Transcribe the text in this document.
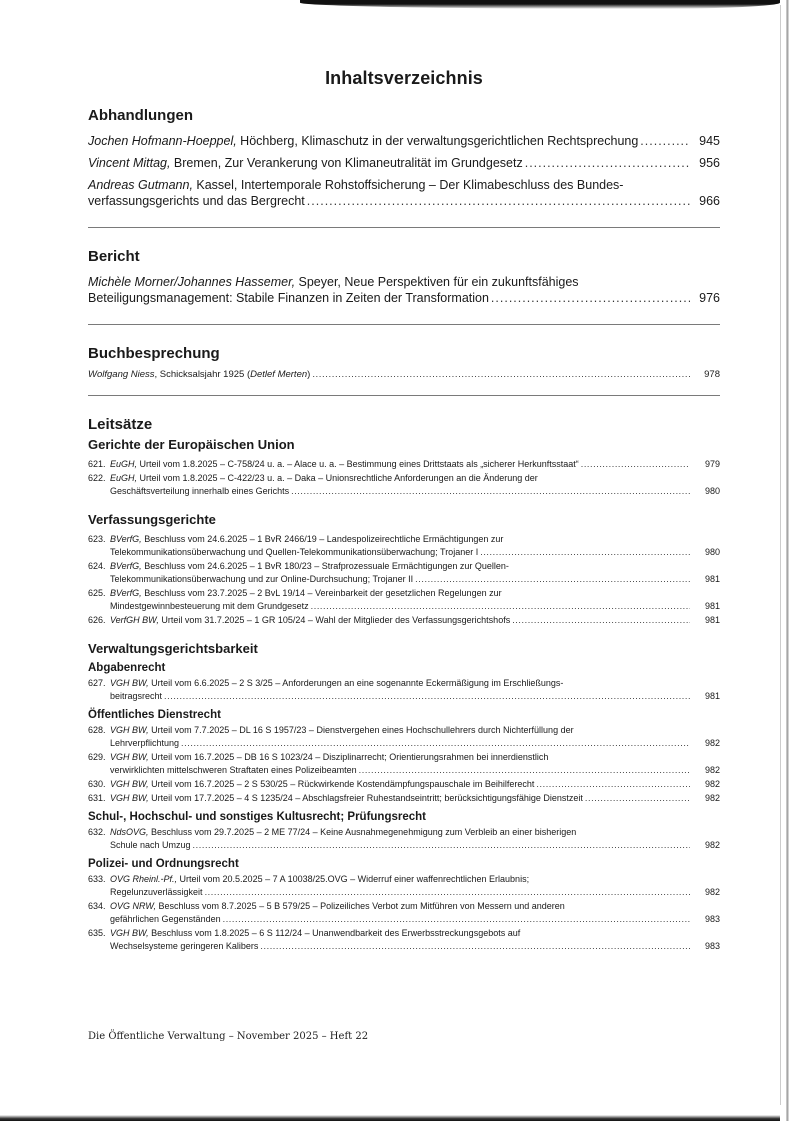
Inhaltsverzeichnis
Abhandlungen
Jochen Hofmann-Hoeppel, Höchberg, Klimaschutz in der verwaltungsgerichtlichen Rechtsprechung .....	945
Vincent Mittag, Bremen, Zur Verankerung von Klimaneutralität im Grundgesetz .....	956
Andreas Gutmann, Kassel, Intertemporale Rohstoffsicherung – Der Klimabeschluss des Bundes-
verfassungsgerichts und das Bergrecht .....	966
Bericht
Michèle Morner/Johannes Hassemer, Speyer, Neue Perspektiven für ein zukunftsfähiges
Beteiligungsmanagement: Stabile Finanzen in Zeiten der Transformation .....	976
Buchbesprechung
Wolfgang Niess, Schicksalsjahr 1925 (Detlef Merten) .....	978
Leitsätze
Gerichte der Europäischen Union
621. EuGH, Urteil vom 1.8.2025 – C-758/24 u. a. – Alace u. a. – Bestimmung eines Drittstaats als „sicherer Herkunftsstaat“ .....	979
622. EuGH, Urteil vom 1.8.2025 – C-422/23 u. a. – Daka – Unionsrechtliche Anforderungen an die Änderung der
Geschäftsverteilung innerhalb eines Gerichts .....	980
Verfassungsgerichte
623. BVerfG, Beschluss vom 24.6.2025 – 1 BvR 2466/19 – Landespolizeirechtliche Ermächtigungen zur
Telekommunikationsüberwachung und Quellen-Telekommunikationsüberwachung; Trojaner I .....	980
624. BVerfG, Beschluss vom 24.6.2025 – 1 BvR 180/23 – Strafprozessuale Ermächtigungen zur Quellen-
Telekommunikationsüberwachung und zur Online-Durchsuchung; Trojaner II .....	981
625. BVerfG, Beschluss vom 23.7.2025 – 2 BvL 19/14 – Vereinbarkeit der gesetzlichen Regelungen zur
Mindestgewinnbesteuerung mit dem Grundgesetz .....	981
626. VerfGH BW, Urteil vom 31.7.2025 – 1 GR 105/24 – Wahl der Mitglieder des Verfassungsgerichtshofs .....	981
Verwaltungsgerichtsbarkeit
Abgabenrecht
627. VGH BW, Urteil vom 6.6.2025 – 2 S 3/25 – Anforderungen an eine sogenannte Eckermäßigung im Erschließungs-
beitragsrecht .....	981
Öffentliches Dienstrecht
628. VGH BW, Urteil vom 7.7.2025 – DL 16 S 1957/23 – Dienstvergehen eines Hochschullehrers durch Nichterfüllung der
Lehrverpflichtung .....	982
629. VGH BW, Urteil vom 16.7.2025 – DB 16 S 1023/24 – Disziplinarrecht; Orientierungsrahmen bei innerdienstlich
verwirklichten mittelschweren Straftaten eines Polizeibeamten .....	982
630. VGH BW, Urteil vom 16.7.2025 – 2 S 530/25 – Rückwirkende Kostendämpfungspauschale im Beihilferecht .....	982
631. VGH BW, Urteil vom 17.7.2025 – 4 S 1235/24 – Abschlagsfreier Ruhestandseintritt; berücksichtigungsfähige Dienstzeit .....	982
Schul-, Hochschul- und sonstiges Kultusrecht; Prüfungsrecht
632. NdsOVG, Beschluss vom 29.7.2025 – 2 ME 77/24 – Keine Ausnahmegenehmigung zum Verbleib an einer bisherigen
Schule nach Umzug .....	982
Polizei- und Ordnungsrecht
633. OVG Rheinl.-Pf., Urteil vom 20.5.2025 – 7 A 10038/25.OVG – Widerruf einer waffenrechtlichen Erlaubnis;
Regelunzuverlässigkeit .....	982
634. OVG NRW, Beschluss vom 8.7.2025 – 5 B 579/25 – Polizeiliches Verbot zum Mitführen von Messern und anderen
gefährlichen Gegenständen .....	983
635. VGH BW, Beschluss vom 1.8.2025 – 6 S 112/24 – Unanwendbarkeit des Erwerbsstreckungsgebots auf
Wechselsysteme geringeren Kalibers .....	983
Die Öffentliche Verwaltung – November 2025 – Heft 22
